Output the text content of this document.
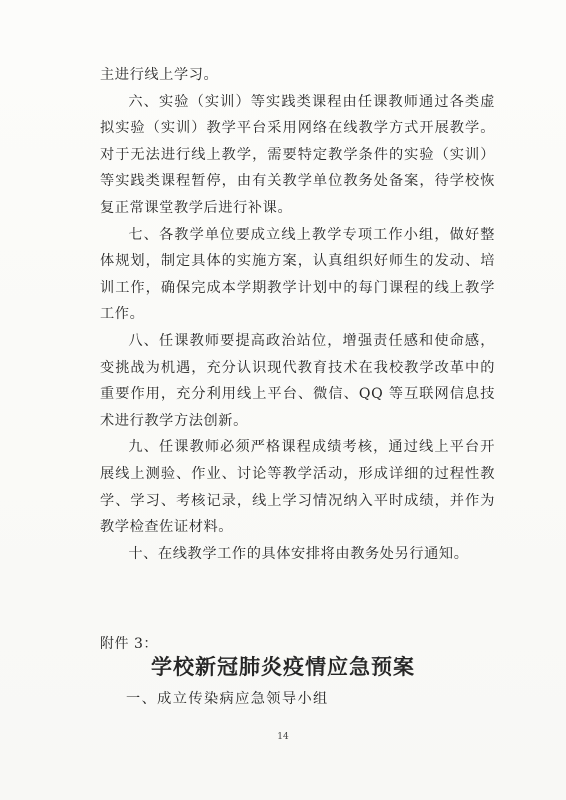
主进行线上学习。

六、实验（实训）等实践类课程由任课教师通过各类虚拟实验（实训）教学平台采用网络在线教学方式开展教学。对于无法进行线上教学，需要特定教学条件的实验（实训）等实践类课程暂停，由有关教学单位教务处备案，待学校恢复正常课堂教学后进行补课。

七、各教学单位要成立线上教学专项工作小组，做好整体规划，制定具体的实施方案，认真组织好师生的发动、培训工作，确保完成本学期教学计划中的每门课程的线上教学工作。

八、任课教师要提高政治站位，增强责任感和使命感，变挑战为机遇，充分认识现代教育技术在我校教学改革中的重要作用，充分利用线上平台、微信、QQ 等互联网信息技术进行教学方法创新。

九、任课教师必须严格课程成绩考核，通过线上平台开展线上测验、作业、讨论等教学活动，形成详细的过程性教学、学习、考核记录，线上学习情况纳入平时成绩，并作为教学检查佐证材料。

十、在线教学工作的具体安排将由教务处另行通知。

附件 3：

学校新冠肺炎疫情应急预案

一、成立传染病应急领导小组

14
